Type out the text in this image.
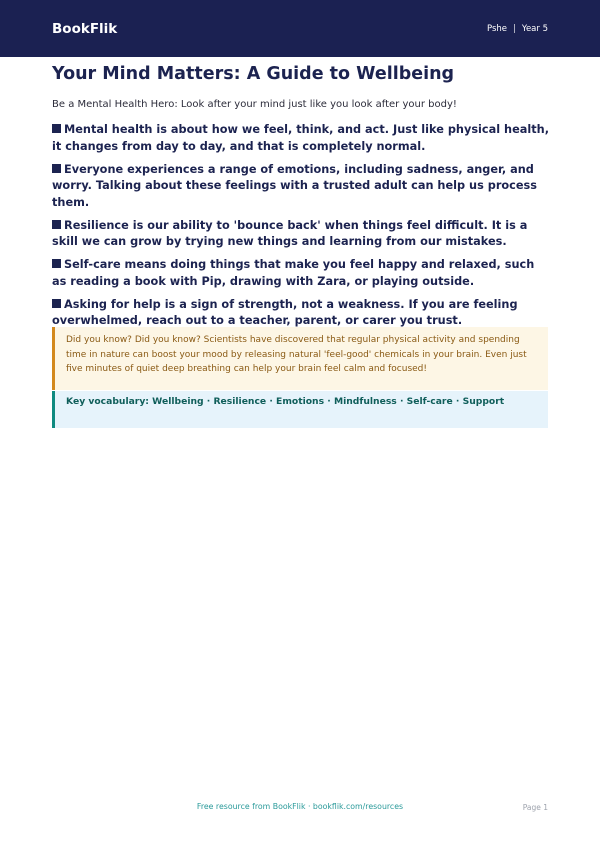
BookFlik	Pshe | Year 5
Your Mind Matters: A Guide to Wellbeing

Be a Mental Health Hero: Look after your mind just like you look after your body!

Mental health is about how we feel, think, and act. Just like physical health, it changes from day to day, and that is completely normal.
Everyone experiences a range of emotions, including sadness, anger, and worry. Talking about these feelings with a trusted adult can help us process them.
Resilience is our ability to 'bounce back' when things feel difficult. It is a skill we can grow by trying new things and learning from our mistakes.
Self-care means doing things that make you feel happy and relaxed, such as reading a book with Pip, drawing with Zara, or playing outside.
Asking for help is a sign of strength, not a weakness. If you are feeling overwhelmed, reach out to a teacher, parent, or carer you trust.
Did you know? Did you know? Scientists have discovered that regular physical activity and spending time in nature can boost your mood by releasing natural 'feel-good' chemicals in your brain. Even just five minutes of quiet deep breathing can help your brain feel calm and focused!
Key vocabulary: Wellbeing · Resilience · Emotions · Mindfulness · Self-care · Support
Free resource from BookFlik · bookflik.com/resources	Page 1
